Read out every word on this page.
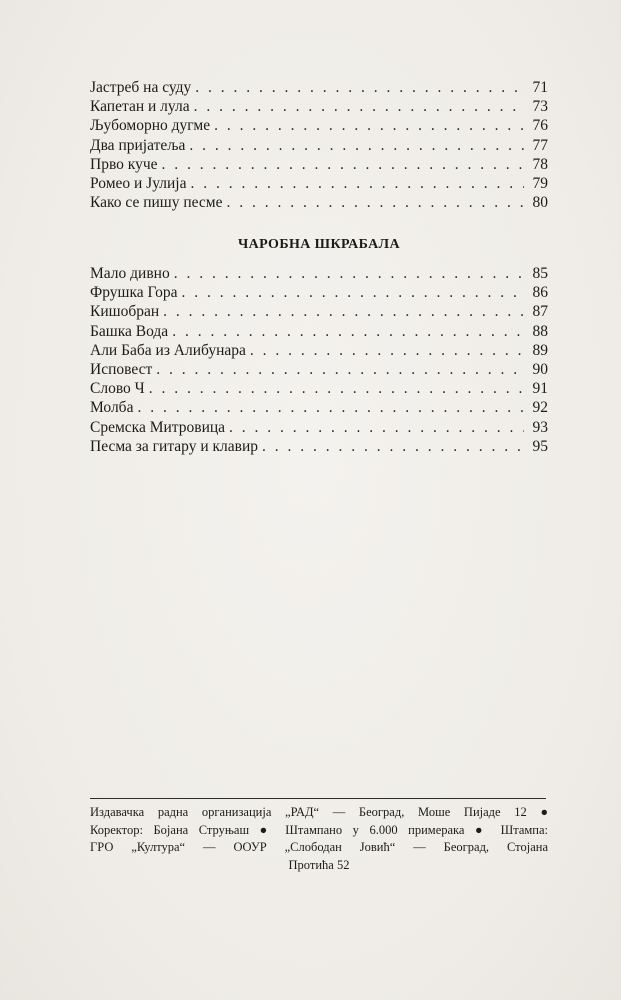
Јастреб на суду . . .	71
Капетан и лула . . .	73
Љубоморно дугме . . .	76
Два пријатеља . . .	77
Прво куче . . .	78
Ромео и Јулија . . .	79
Како се пишу песме . . .	80
ЧАРОБНА ШКРАБАЛА
Мало дивно . . .	85
Фрушка Гора . . .	86
Кишобран . . .	87
Башка Вода . . .	88
Али Баба из Алибунара . . .	89
Исповест . . .	90
Слово Ч . . .	91
Молба . . .	92
Сремска Митровица . . .	93
Песма за гитару и клавир . . .	95
Издавачка радна организација „РАД“ — Београд, Моше Пијаде 12 ●
Коректор: Бојана Струњаш ● Штампано у 6.000 примерака ● Штампа:
ГРО „Култура“ — ООУР „Слободан Јовић“ — Београд, Стојана
Протића 52
